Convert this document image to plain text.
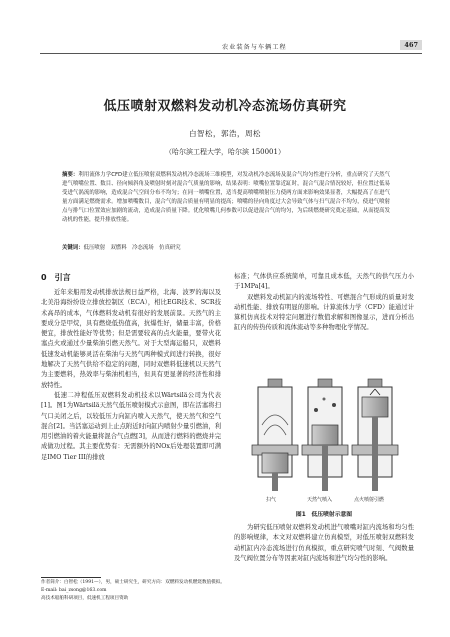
农业装备与车辆工程	467
低压喷射双燃料发动机冷态流场仿真研究
白智松，郭浩，周松
（哈尔滨工程大学，哈尔滨 150001）
摘要：利用流体力学CFD建立低压喷射双燃料发动机冷态流场三维模型，对发动机冷态流场及混合气均匀性进行分析，重点研究了天然气进气喷嘴位置、数目、径向倾斜角及喷射时刻对混合气质量的影响，结果表明：喷嘴位置靠近缸时，混合气混合情况较好，但位置过低易受进气涡流的影响，造成混合气空间分布不均匀；在同一喷嘴位置，适当提高喷嘴喷射压力使两方面来影响效果显著，大幅提高了在进气量方面满足燃烧需求。增加喷嘴数目，混合气的混合质量有明显的提高；喷嘴的径向角度过大会导致气体与扫气混合不均匀，使进气喷射点与排气口位置效应加剧的流动，造成混合质量下降。优化喷嘴几何参数可以促进混合气的均匀，为后续燃烧研究奠定基础，从而提高发动机的性能，提升排放性能。
关键词：低压喷射　双燃料　冷态流场　仿真研究
0　引言

近年来船用发动机排放法规日益严格，北海、波罗的海以及北美沿海纷纷设立排放控制区（ECA），相比EGR技术、SCR技术高昂的成本，气体燃料发动机有很好的发展前景。天然气的主要成分是甲烷，具有燃烧低热值高，抗爆性好，储量丰富，价格便宜，排放性能好等优势；但是需要较高的点火能量，要带火花塞点火或通过少量柴油引燃天然气。对于大型海运船只，双燃料低速发动机能够灵活在柴油与天然气两种模式间进行转换，很好地解决了天然气供给不稳定的问题，同时双燃料低速机以天然气为主要燃料，热效率与柴油机相当，但具有更显著的经济性和排放特性。

低速二冲程低压双燃料发动机技术以Wärtsilä公司为代表[1]。图1为Wärtsilä天然气低压喷射模式示意图，即在活塞将扫气口关闭之后，以较低压力向缸内喷入天然气，使天然气和空气混合[2]。当活塞运动到上止点附近时向缸内喷射少量引燃油，利用引燃油的着火能量将混合气点燃[3]，从而进行燃料的燃烧并完成做功过程。其主要优势有：无需额外的NOx后处理装置即可满足IMO Tier III的排放

标准；气体供应系统简单，可靠且成本低，天然气的供气压力小于1MPa[4]。

双燃料发动机缸内的流场特性、可燃混合气形成的质量对发动机性能、排放有明显的影响。计算流体力学（CFD）能通过计算机仿真技术对特定问题进行数值求解和图像显示，进而分析出缸内的传热传质和流体流动等多种物理化学情况。

扫气	天然气喷入	点火喷射引燃
图1　低压喷射示意图

为研究低压喷射双燃料发动机进气喷嘴对缸内流场和均匀性的影响规律，本文对双燃料建立仿真模型，对低压喷射双燃料发动机缸内冷态流场进行仿真模拟，重点研究喷气时刻、气阀数量及气阀位置分布等因素对缸内流场和进气均匀性的影响。

作者简介：白智松（1991—），男，硕士研究生，研究方向：双燃料发动机燃烧数值模拟。
E-mail: bai_zsong@163.com
高技术船舶科研项目，低速机工程项目资助
